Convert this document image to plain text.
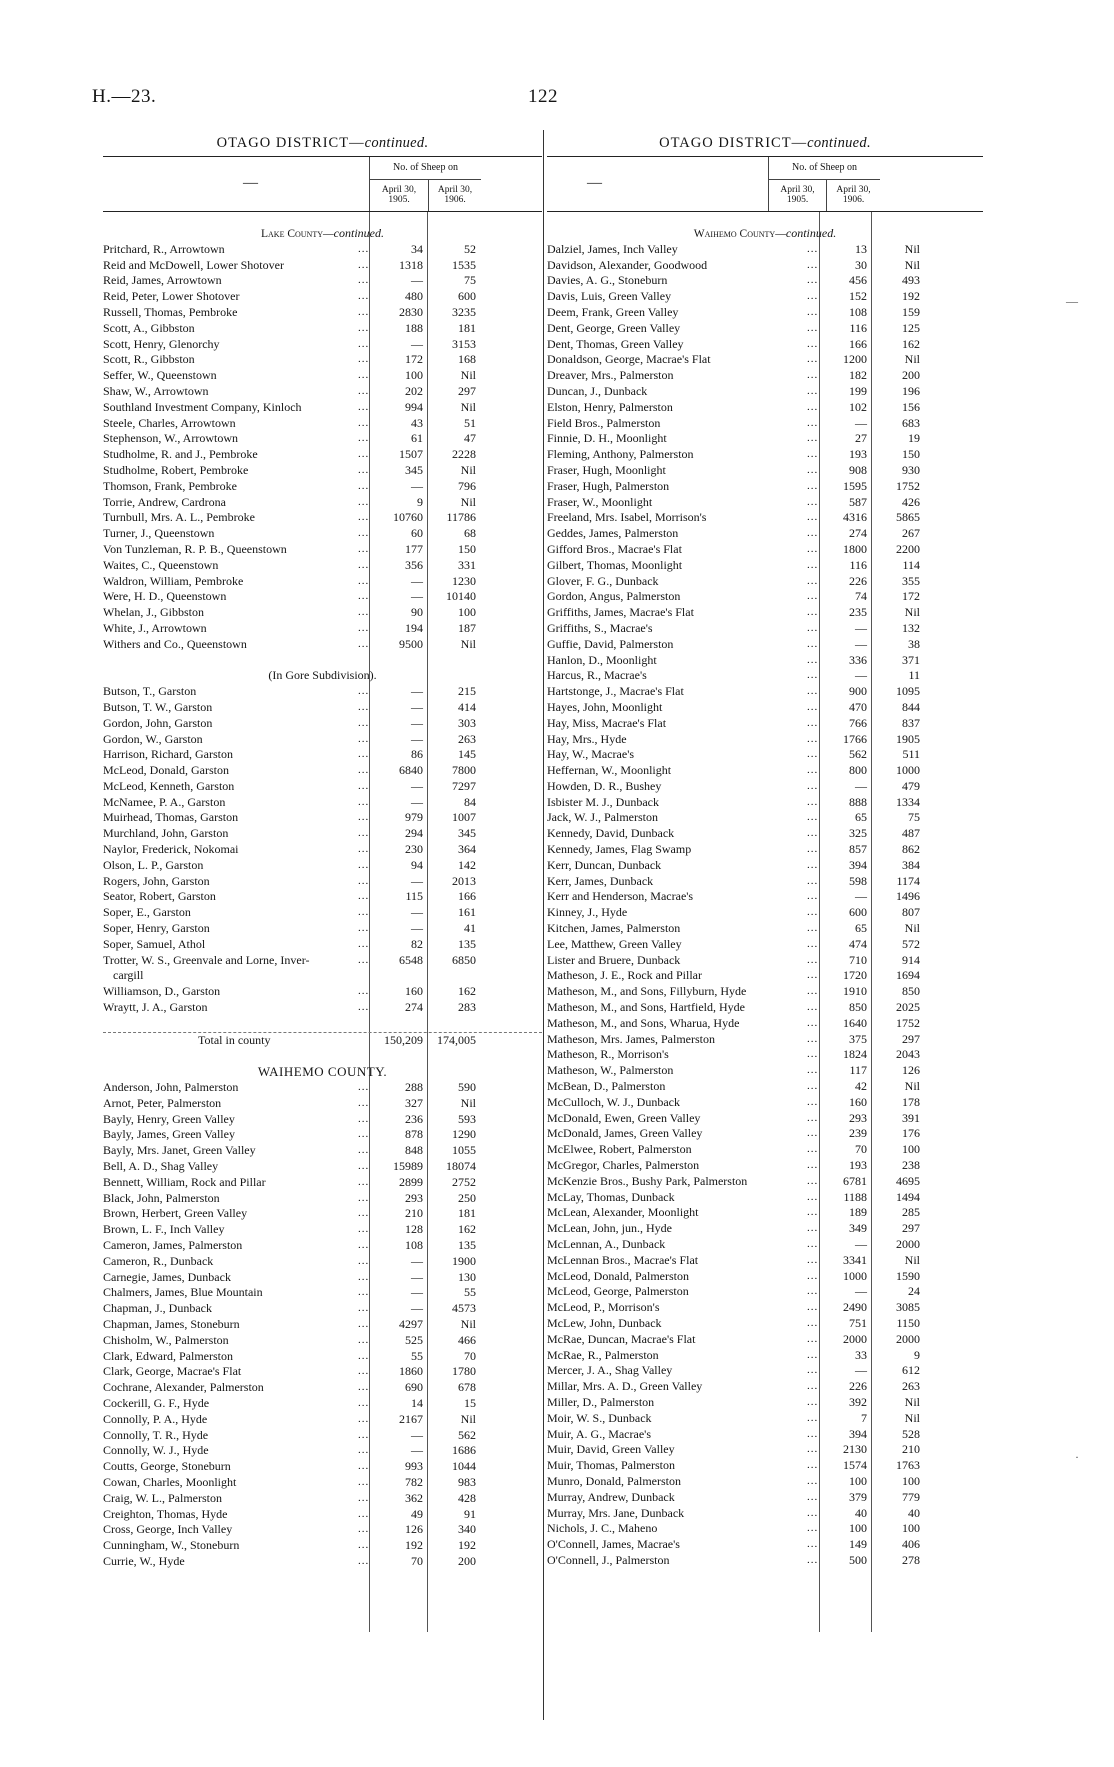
H.—23.	122
OTAGO DISTRICT—continued.
—
No. of Sheep on
April 30, 1905.
April 30, 1906.
Lake County—continued.
Pritchard, R., Arrowtown	34	52
...
Reid and McDowell, Lower Shotover	1318	1535
...
Reid, James, Arrowtown	—	75
...
Reid, Peter, Lower Shotover	480	600
...
Russell, Thomas, Pembroke	2830	3235
...
Scott, A., Gibbston	188	181
...
Scott, Henry, Glenorchy	—	3153
...
Scott, R., Gibbston	172	168
...
Seffer, W., Queenstown	100	Nil
...
Shaw, W., Arrowtown	202	297
...
Southland Investment Company, Kinloch	994	Nil
...
Steele, Charles, Arrowtown	43	51
...
Stephenson, W., Arrowtown	61	47
...
Studholme, R. and J., Pembroke	1507	2228
...
Studholme, Robert, Pembroke	345	Nil
...
Thomson, Frank, Pembroke	—	796
...
Torrie, Andrew, Cardrona	9	Nil
...
Turnbull, Mrs. A. L., Pembroke	10760	11786
...
Turner, J., Queenstown	60	68
...
Von Tunzleman, R. P. B., Queenstown	177	150
...
Waites, C., Queenstown	356	331
...
Waldron, William, Pembroke	—	1230
...
Were, H. D., Queenstown	—	10140
...
Whelan, J., Gibbston	90	100
...
White, J., Arrowtown	194	187
...
Withers and Co., Queenstown	9500	Nil
...
(In Gore Subdivision).
Butson, T., Garston	—	215
...
Butson, T. W., Garston	—	414
...
Gordon, John, Garston	—	303
...
Gordon, W., Garston	—	263
...
Harrison, Richard, Garston	86	145
...
McLeod, Donald, Garston	6840	7800
...
McLeod, Kenneth, Garston	—	7297
...
McNamee, P. A., Garston	—	84
...
Muirhead, Thomas, Garston	979	1007
...
Murchland, John, Garston	294	345
...
Naylor, Frederick, Nokomai	230	364
...
Olson, L. P., Garston	94	142
...
Rogers, John, Garston	—	2013
...
Seator, Robert, Garston	115	166
...
Soper, E., Garston	—	161
...
Soper, Henry, Garston	—	41
...
Soper, Samuel, Athol	82	135
...
Trotter, W. S., Greenvale and Lorne, Inver-	6548	6850
...
cargill
Williamson, D., Garston	160	162
...
Wraytt, J. A., Garston	274	283
...
Total in county	150,209	174,005
WAIHEMO COUNTY.
Anderson, John, Palmerston	288	590
...
Arnot, Peter, Palmerston	327	Nil
...
Bayly, Henry, Green Valley	236	593
...
Bayly, James, Green Valley	878	1290
...
Bayly, Mrs. Janet, Green Valley	848	1055
...
Bell, A. D., Shag Valley	15989	18074
...
Bennett, William, Rock and Pillar	2899	2752
...
Black, John, Palmerston	293	250
...
Brown, Herbert, Green Valley	210	181
...
Brown, L. F., Inch Valley	128	162
...
Cameron, James, Palmerston	108	135
...
Cameron, R., Dunback	—	1900
...
Carnegie, James, Dunback	—	130
...
Chalmers, James, Blue Mountain	—	55
...
Chapman, J., Dunback	—	4573
...
Chapman, James, Stoneburn	4297	Nil
...
Chisholm, W., Palmerston	525	466
...
Clark, Edward, Palmerston	55	70
...
Clark, George, Macrae's Flat	1860	1780
...
Cochrane, Alexander, Palmerston	690	678
...
Cockerill, G. F., Hyde	14	15
...
Connolly, P. A., Hyde	2167	Nil
...
Connolly, T. R., Hyde	—	562
...
Connolly, W. J., Hyde	—	1686
...
Coutts, George, Stoneburn	993	1044
...
Cowan, Charles, Moonlight	782	983
...
Craig, W. L., Palmerston	362	428
...
Creighton, Thomas, Hyde	49	91
...
Cross, George, Inch Valley	126	340
...
Cunningham, W., Stoneburn	192	192
...
Currie, W., Hyde	70	200
...
OTAGO DISTRICT—continued.
—
No. of Sheep on
April 30, 1905.
April 30, 1906.
Waihemo County—continued.
Dalziel, James, Inch Valley	13	Nil
...
Davidson, Alexander, Goodwood	30	Nil
...
Davies, A. G., Stoneburn	456	493
...
Davis, Luis, Green Valley	152	192
...
Deem, Frank, Green Valley	108	159
...
Dent, George, Green Valley	116	125
...
Dent, Thomas, Green Valley	166	162
...
Donaldson, George, Macrae's Flat	1200	Nil
...
Dreaver, Mrs., Palmerston	182	200
...
Duncan, J., Dunback	199	196
...
Elston, Henry, Palmerston	102	156
...
Field Bros., Palmerston	—	683
...
Finnie, D. H., Moonlight	27	19
...
Fleming, Anthony, Palmerston	193	150
...
Fraser, Hugh, Moonlight	908	930
...
Fraser, Hugh, Palmerston	1595	1752
...
Fraser, W., Moonlight	587	426
...
Freeland, Mrs. Isabel, Morrison's	4316	5865
...
Geddes, James, Palmerston	274	267
...
Gifford Bros., Macrae's Flat	1800	2200
...
Gilbert, Thomas, Moonlight	116	114
...
Glover, F. G., Dunback	226	355
...
Gordon, Angus, Palmerston	74	172
...
Griffiths, James, Macrae's Flat	235	Nil
...
Griffiths, S., Macrae's	—	132
...
Guffie, David, Palmerston	—	38
...
Hanlon, D., Moonlight	336	371
...
Harcus, R., Macrae's	—	11
...
Hartstonge, J., Macrae's Flat	900	1095
...
Hayes, John, Moonlight	470	844
...
Hay, Miss, Macrae's Flat	766	837
...
Hay, Mrs., Hyde	1766	1905
...
Hay, W., Macrae's	562	511
...
Heffernan, W., Moonlight	800	1000
...
Howden, D. R., Bushey	—	479
...
Isbister M. J., Dunback	888	1334
...
Jack, W. J., Palmerston	65	75
...
Kennedy, David, Dunback	325	487
...
Kennedy, James, Flag Swamp	857	862
...
Kerr, Duncan, Dunback	394	384
...
Kerr, James, Dunback	598	1174
...
Kerr and Henderson, Macrae's	—	1496
...
Kinney, J., Hyde	600	807
...
Kitchen, James, Palmerston	65	Nil
...
Lee, Matthew, Green Valley	474	572
...
Lister and Bruere, Dunback	710	914
...
Matheson, J. E., Rock and Pillar	1720	1694
...
Matheson, M., and Sons, Fillyburn, Hyde	1910	850
...
Matheson, M., and Sons, Hartfield, Hyde	850	2025
...
Matheson, M., and Sons, Wharua, Hyde	1640	1752
...
Matheson, Mrs. James, Palmerston	375	297
...
Matheson, R., Morrison's	1824	2043
...
Matheson, W., Palmerston	117	126
...
McBean, D., Palmerston	42	Nil
...
McCulloch, W. J., Dunback	160	178
...
McDonald, Ewen, Green Valley	293	391
...
McDonald, James, Green Valley	239	176
...
McElwee, Robert, Palmerston	70	100
...
McGregor, Charles, Palmerston	193	238
...
McKenzie Bros., Bushy Park, Palmerston	6781	4695
...
McLay, Thomas, Dunback	1188	1494
...
McLean, Alexander, Moonlight	189	285
...
McLean, John, jun., Hyde	349	297
...
McLennan, A., Dunback	—	2000
...
McLennan Bros., Macrae's Flat	3341	Nil
...
McLeod, Donald, Palmerston	1000	1590
...
McLeod, George, Palmerston	—	24
...
McLeod, P., Morrison's	2490	3085
...
McLew, John, Dunback	751	1150
...
McRae, Duncan, Macrae's Flat	2000	2000
...
McRae, R., Palmerston	33	9
...
Mercer, J. A., Shag Valley	—	612
...
Millar, Mrs. A. D., Green Valley	226	263
...
Miller, D., Palmerston	392	Nil
...
Moir, W. S., Dunback	7	Nil
...
Muir, A. G., Macrae's	394	528
...
Muir, David, Green Valley	2130	210
...
Muir, Thomas, Palmerston	1574	1763
...
Munro, Donald, Palmerston	100	100
...
Murray, Andrew, Dunback	379	779
...
Murray, Mrs. Jane, Dunback	40	40
...
Nichols, J. C., Maheno	100	100
...
O'Connell, James, Macrae's	149	406
...
O'Connell, J., Palmerston	500	278
...
—
·
